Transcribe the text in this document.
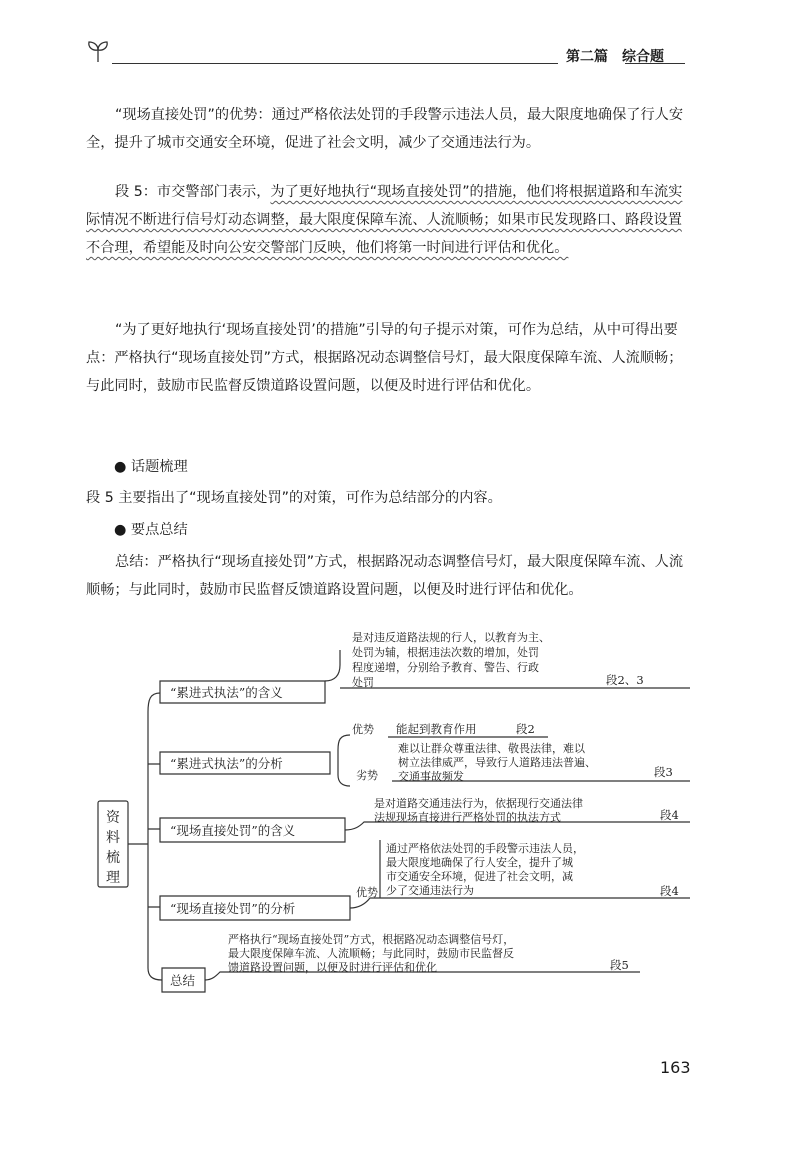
第二篇　综合题

“现场直接处罚”的优势：通过严格依法处罚的手段警示违法人员，最大限度地确保了行人安全，提升了城市交通安全环境，促进了社会文明，减少了交通违法行为。

段 5：市交警部门表示，为了更好地执行“现场直接处罚”的措施，他们将根据道路和车流实际情况不断进行信号灯动态调整，最大限度保障车流、人流顺畅；如果市民发现路口、路段设置不合理，希望能及时向公安交警部门反映，他们将第一时间进行评估和优化。

“为了更好地执行‘现场直接处罚’的措施”引导的句子提示对策，可作为总结，从中可得出要点：严格执行“现场直接处罚”方式，根据路况动态调整信号灯，最大限度保障车流、人流顺畅；与此同时，鼓励市民监督反馈道路设置问题，以便及时进行评估和优化。

● 话题梳理
段 5 主要指出了“现场直接处罚”的对策，可作为总结部分的内容。
● 要点总结

总结：严格执行“现场直接处罚”方式，根据路况动态调整信号灯，最大限度保障车流、人流顺畅；与此同时，鼓励市民监督反馈道路设置问题，以便及时进行评估和优化。

资
料
梳
理
“累进式执法”的含义
是对违反道路法规的行人，以教育为主、
处罚为辅，根据违法次数的增加，处罚
程度递增，分别给予教育、警告、行政
处罚	段2、3
“累进式执法”的分析
优势 能起到教育作用	段2
难以让群众尊重法律、敬畏法律，难以
树立法律威严，导致行人道路违法普遍、
交通事故频发
劣势	段3
“现场直接处罚”的含义
是对道路交通违法行为，依据现行交通法律
法规现场直接进行严格处罚的执法方式	段4
“现场直接处罚”的分析
优势
通过严格依法处罚的手段警示违法人员，
最大限度地确保了行人安全，提升了城
市交通安全环境，促进了社会文明，减
少了交通违法行为	段4
总结
严格执行“现场直接处罚”方式，根据路况动态调整信号灯，
最大限度保障车流、人流顺畅；与此同时，鼓励市民监督反
馈道路设置问题，以便及时进行评估和优化	段5
163
